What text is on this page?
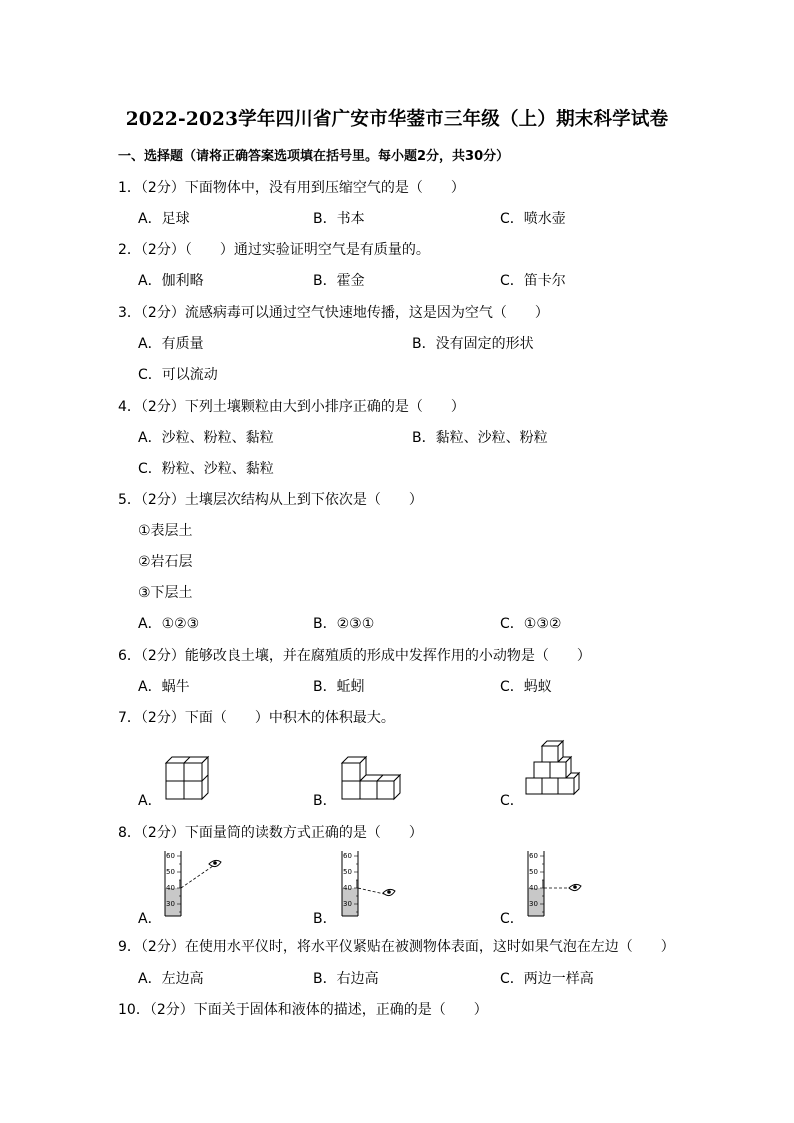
2022-2023学年四川省广安市华蓥市三年级（上）期末科学试卷
一、选择题（请将正确答案选项填在括号里。每小题2分，共30分）
1．（2分）下面物体中，没有用到压缩空气的是（　　）
A．足球	B．书本	C．喷水壶
2．（2分）（　　）通过实验证明空气是有质量的。
A．伽利略	B．霍金	C．笛卡尔
3．（2分）流感病毒可以通过空气快速地传播，这是因为空气（　　）
A．有质量	B．没有固定的形状
C．可以流动
4．（2分）下列土壤颗粒由大到小排序正确的是（　　）
A．沙粒、粉粒、黏粒	B．黏粒、沙粒、粉粒
C．粉粒、沙粒、黏粒
5．（2分）土壤层次结构从上到下依次是（　　）
①表层土
②岩石层
③下层土
A．①②③	B．②③①	C．①③②
6．（2分）能够改良土壤，并在腐殖质的形成中发挥作用的小动物是（　　）
A．蜗牛	B．蚯蚓	C．蚂蚁
7．（2分）下面（　　）中积木的体积最大。
A．	B．	C．
8．（2分）下面量筒的读数方式正确的是（　　）
A．	B．	C．
60
50
40
30
60
50
40
30
60
50
40
30
9．（2分）在使用水平仪时，将水平仪紧贴在被测物体表面，这时如果气泡在左边（　　）
A．左边高	B．右边高	C．两边一样高
10．（2分）下面关于固体和液体的描述，正确的是（　　）
